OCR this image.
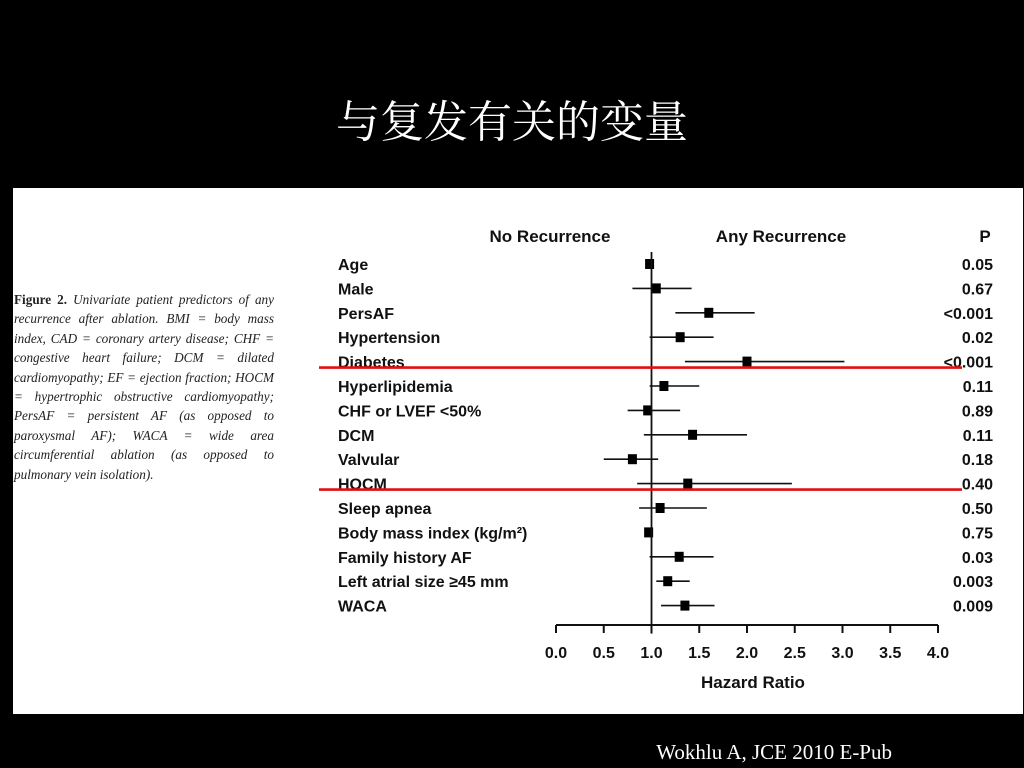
与复发有关的变量
Figure 2. Univariate patient predictors of any recurrence after ablation. BMI = body mass index, CAD = coronary artery disease; CHF = congestive heart failure; DCM = dilated cardiomyopathy; EF = ejection fraction; HOCM = hypertrophic obstructive cardiomyopathy; PersAF = persistent AF (as opposed to paroxysmal AF); WACA = wide area circumferential ablation (as opposed to pulmonary vein isolation).
No Recurrence	Any Recurrence	P
Age	0.05
Male	0.67
PersAF	<0.001
Hypertension	0.02
Diabetes	<0.001
Hyperlipidemia	0.11
CHF or LVEF <50%	0.89
DCM	0.11
Valvular	0.18
HOCM	0.40
Sleep apnea	0.50
Body mass index (kg/m²)	0.75
Family history AF	0.03
Left atrial size ≥45 mm	0.003
WACA	0.009
0.0 0.5 1.0 1.5 2.0 2.5 3.0 3.5 4.0
Hazard Ratio
Wokhlu A, JCE 2010 E-Pub
